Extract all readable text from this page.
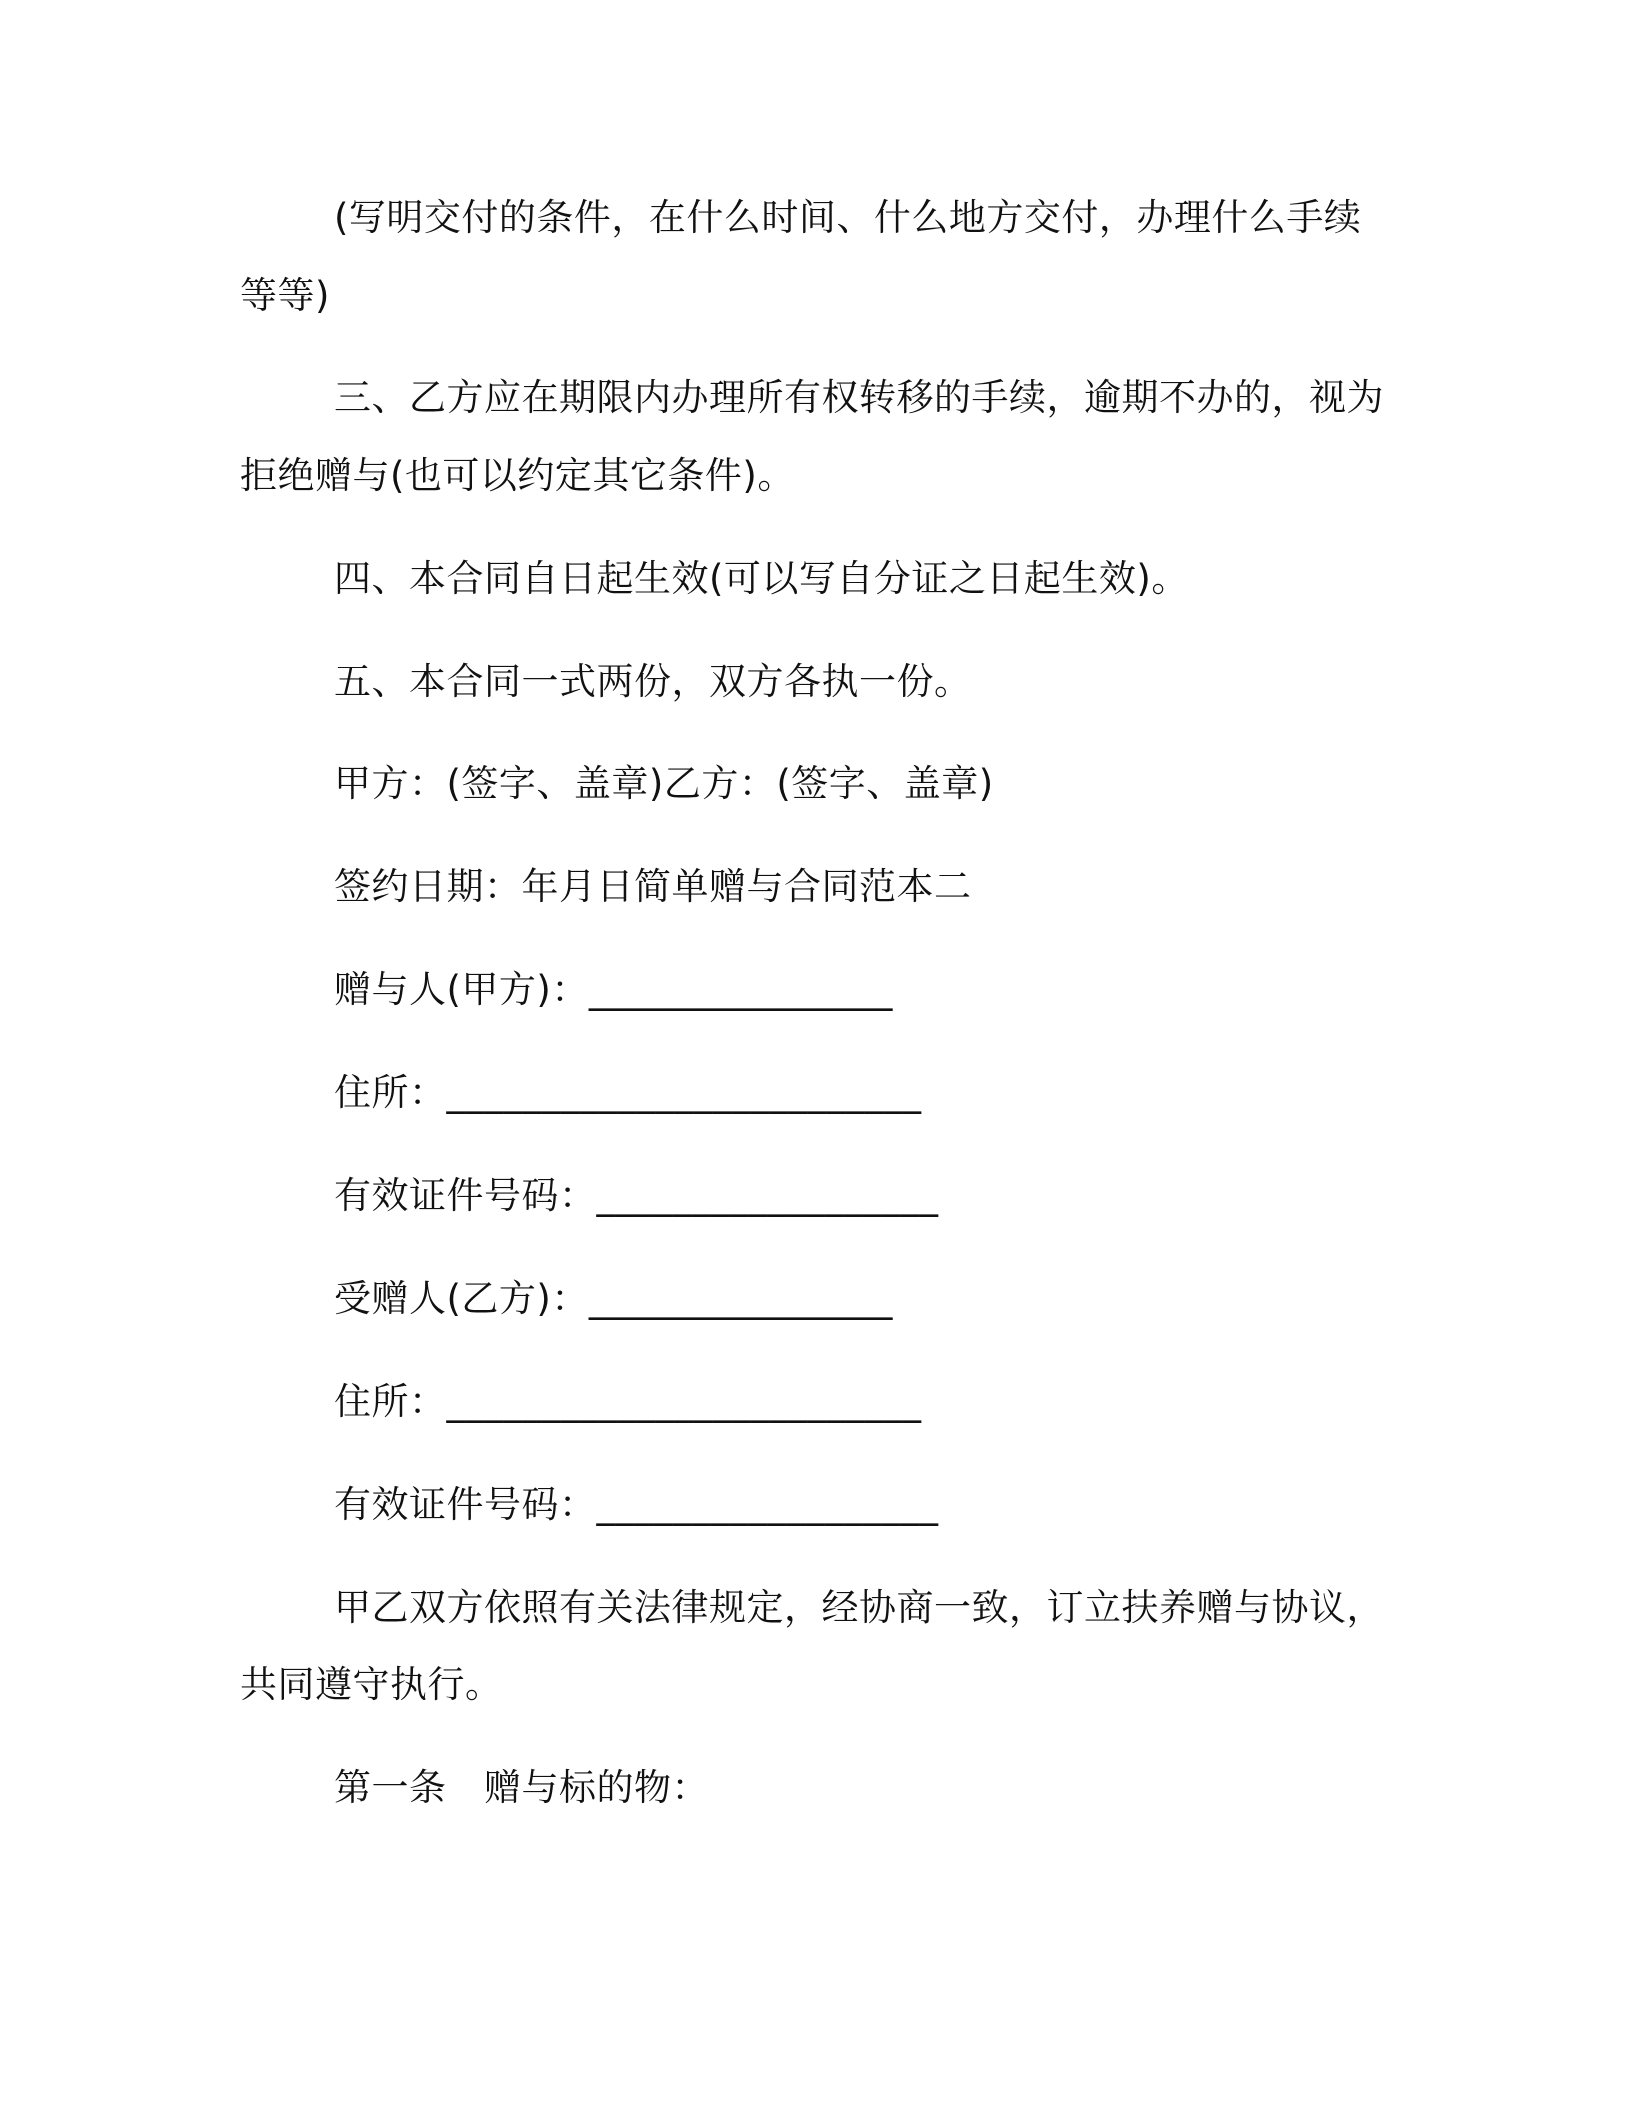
(写明交付的条件，在什么时间、什么地方交付，办理什么手续
等等)
三、乙方应在期限内办理所有权转移的手续，逾期不办的，视为
拒绝赠与(也可以约定其它条件)。
四、本合同自日起生效(可以写自分证之日起生效)。
五、本合同一式两份，双方各执一份。
甲方：(签字、盖章)乙方：(签字、盖章)
签约日期：年月日简单赠与合同范本二
赠与人(甲方)：________________
住所：_________________________
有效证件号码：__________________
受赠人(乙方)：________________
住所：_________________________
有效证件号码：__________________
甲乙双方依照有关法律规定，经协商一致，订立扶养赠与协议，
共同遵守执行。
第一条　赠与标的物：
